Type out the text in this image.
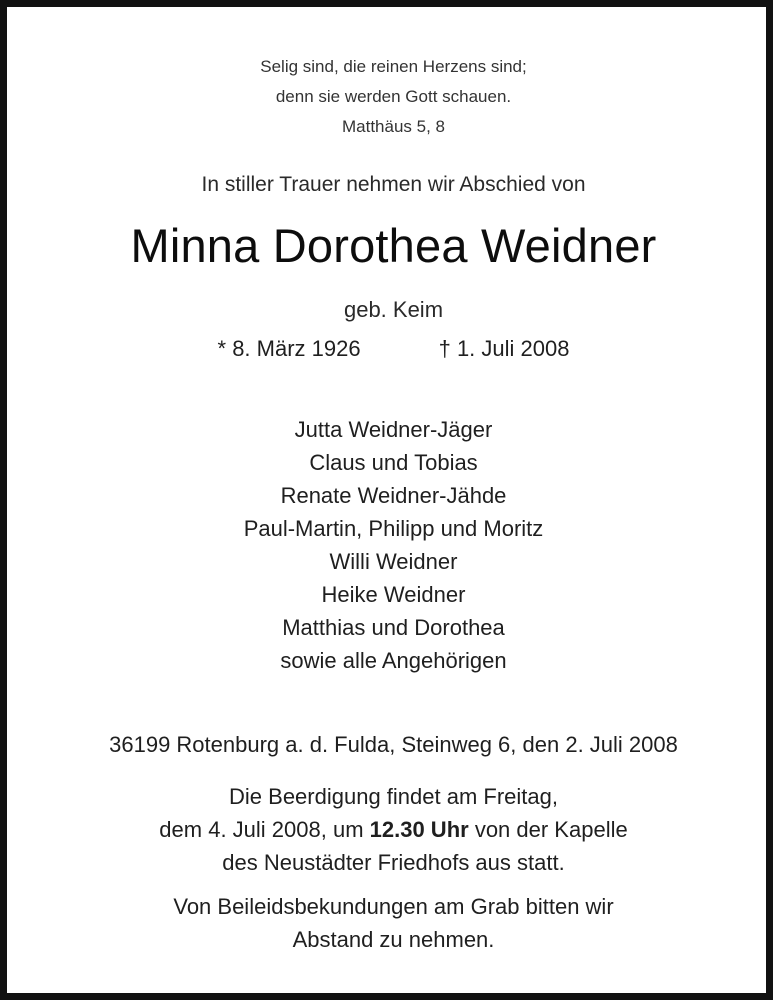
Selig sind, die reinen Herzens sind;
denn sie werden Gott schauen.
Matthäus 5, 8
In stiller Trauer nehmen wir Abschied von
Minna Dorothea Weidner
geb. Keim
* 8. März 1926	† 1. Juli 2008
Jutta Weidner-Jäger
Claus und Tobias
Renate Weidner-Jähde
Paul-Martin, Philipp und Moritz
Willi Weidner
Heike Weidner
Matthias und Dorothea
sowie alle Angehörigen
36199 Rotenburg a. d. Fulda, Steinweg 6, den 2. Juli 2008
Die Beerdigung findet am Freitag,
dem 4. Juli 2008, um 12.30 Uhr von der Kapelle
des Neustädter Friedhofs aus statt.
Von Beileidsbekundungen am Grab bitten wir
Abstand zu nehmen.
